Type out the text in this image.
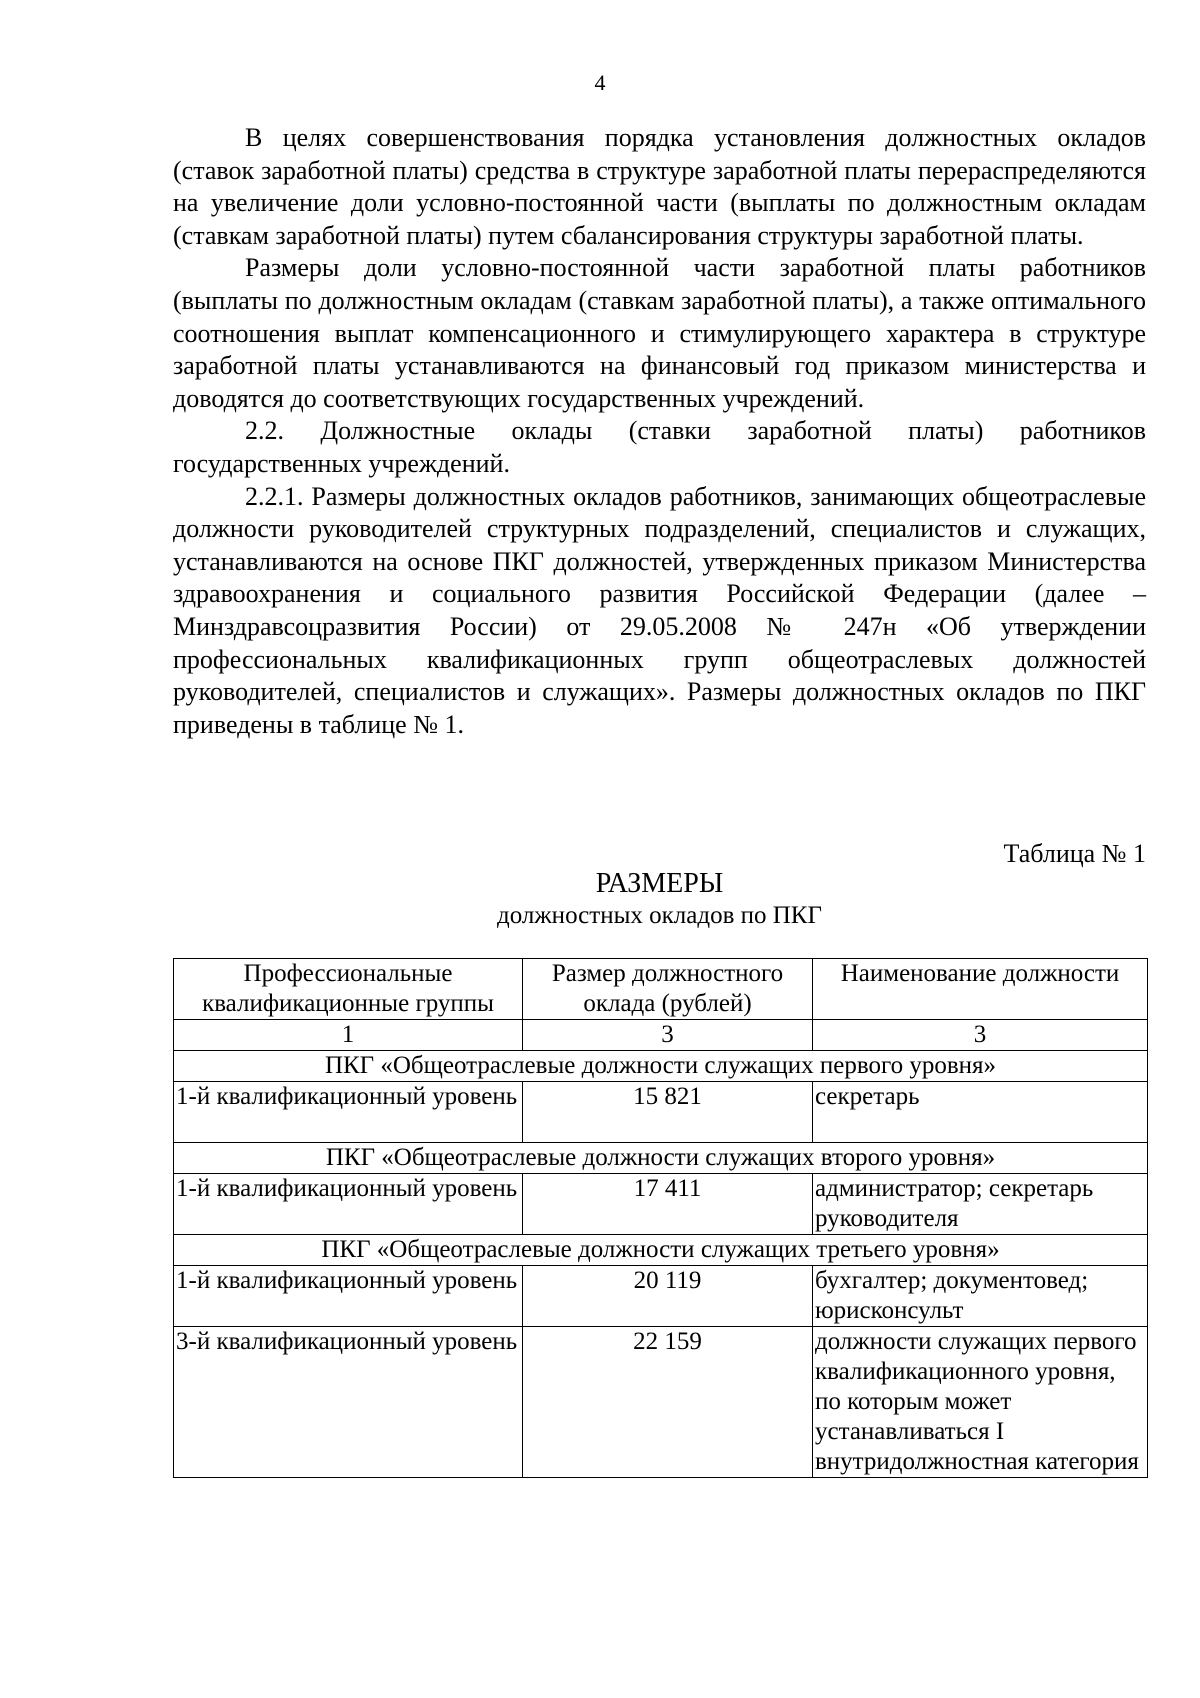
4

В целях совершенствования порядка установления должностных окладов (ставок заработной платы) средства в структуре заработной платы перераспределяются на увеличение доли условно-постоянной части (выплаты по должностным окладам (ставкам заработной платы) путем сбалансирования структуры заработной платы.

Размеры доли условно-постоянной части заработной платы работников (выплаты по должностным окладам (ставкам заработной платы), а также оптимального соотношения выплат компенсационного и стимулирующего характера в структуре заработной платы устанавливаются на финансовый год приказом министерства и доводятся до соответствующих государственных учреждений.

2.2. Должностные оклады (ставки заработной платы) работников государственных учреждений.

2.2.1. Размеры должностных окладов работников, занимающих общеотраслевые должности руководителей структурных подразделений, специалистов и служащих, устанавливаются на основе ПКГ должностей, утвержденных приказом Министерства здравоохранения и социального развития Российской Федерации (далее – Минздравсоцразвития России) от 29.05.2008 № 247н «Об утверждении профессиональных квалификационных групп общеотраслевых должностей руководителей, специалистов и служащих». Размеры должностных окладов по ПКГ приведены в таблице № 1.

Таблица № 1
РАЗМЕРЫ
должностных окладов по ПКГ
Профессиональные квалификационные группы	Размер должностного оклада (рублей)	Наименование должности
1	3	3
ПКГ «Общеотраслевые должности служащих первого уровня»		
1-й квалификационный уровень	15 821	секретарь
ПКГ «Общеотраслевые должности служащих второго уровня»		
1-й квалификационный уровень	17 411	администратор; секретарь руководителя
ПКГ «Общеотраслевые должности служащих третьего уровня»		
1-й квалификационный уровень	20 119	бухгалтер; документовед; юрисконсульт
3-й квалификационный уровень	22 159	должности служащих первого квалификационного уровня, по которым может устанавливаться I внутридолжностная категория
